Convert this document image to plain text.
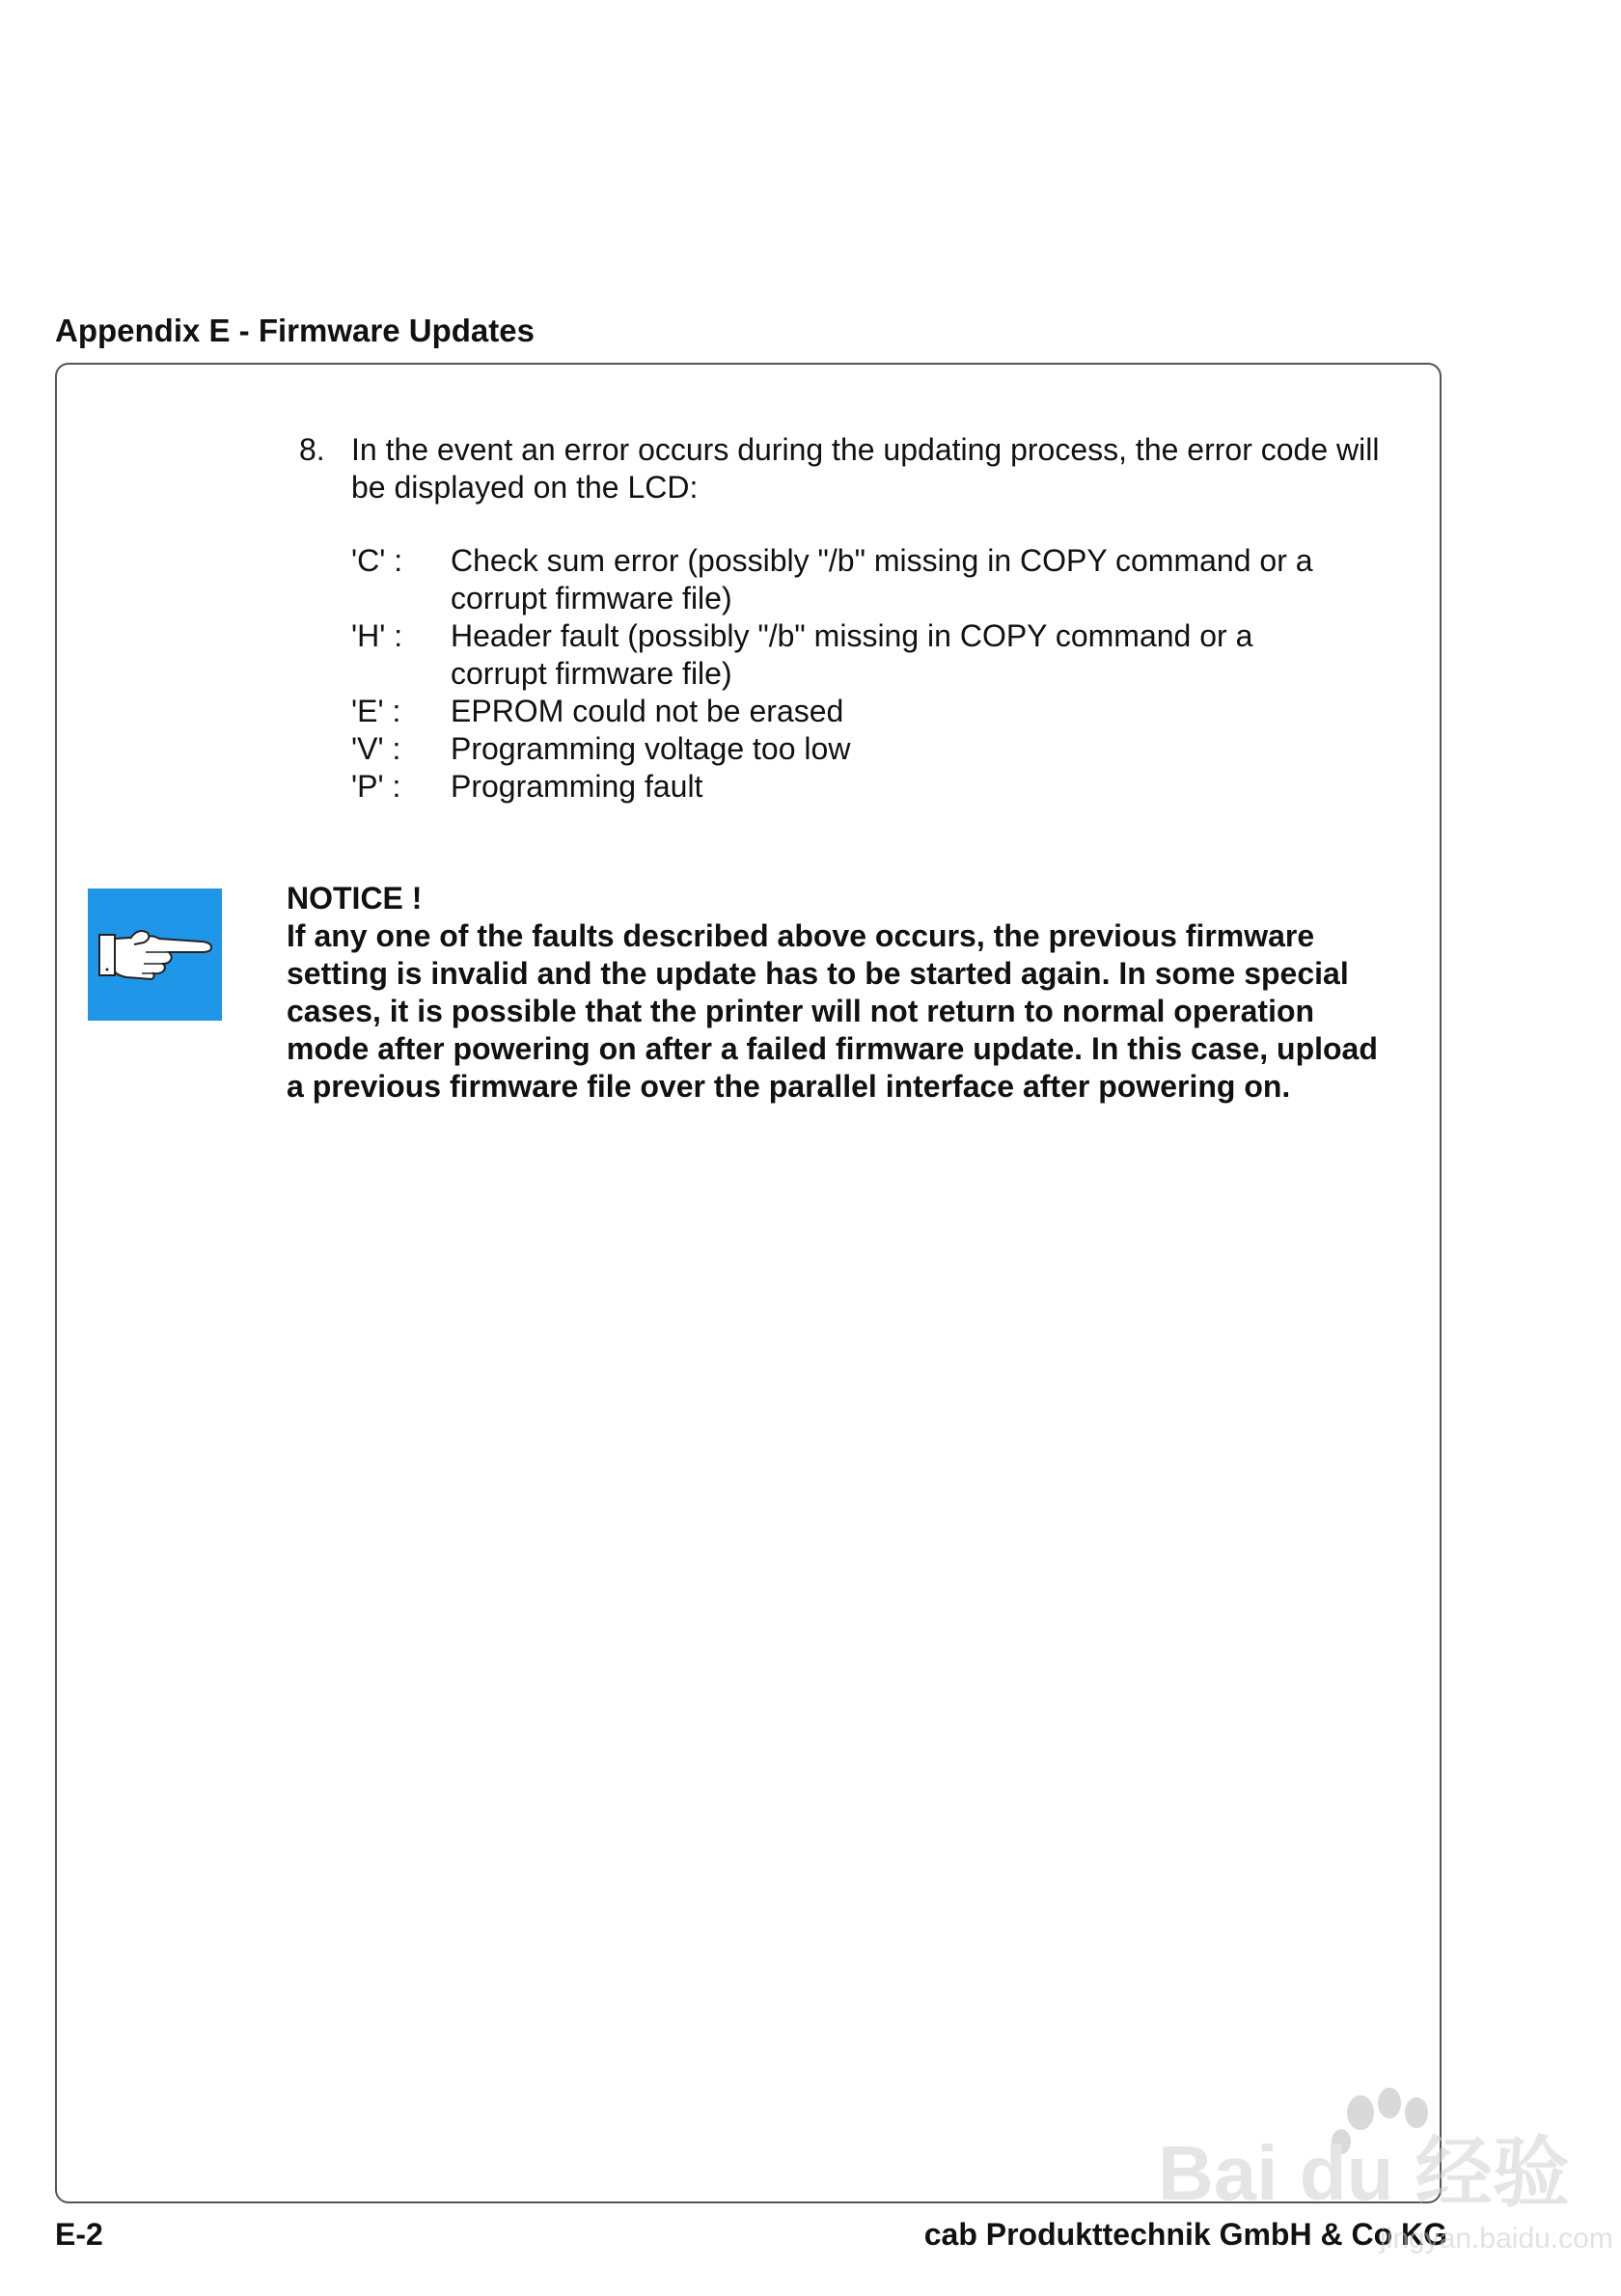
Appendix E - Firmware Updates
8. In the event an error occurs during the updating process, the error code will be displayed on the LCD:
'C' : Check sum error (possibly "/b" missing in COPY command or a corrupt firmware file)
'H' : Header fault (possibly "/b" missing in COPY command or a corrupt firmware file)
'E' : EPROM could not be erased
'V' : Programming voltage too low
'P' : Programming fault
NOTICE !
If any one of the faults described above occurs, the previous firmware setting is invalid and the update has to be started again. In some special cases, it is possible that the printer will not return to normal operation mode after powering on after a failed firmware update. In this case, upload a previous firmware file over the parallel interface after powering on.
E-2	cab Produkttechnik GmbH & Co KG
Bai du 经验
jingyan.baidu.com
